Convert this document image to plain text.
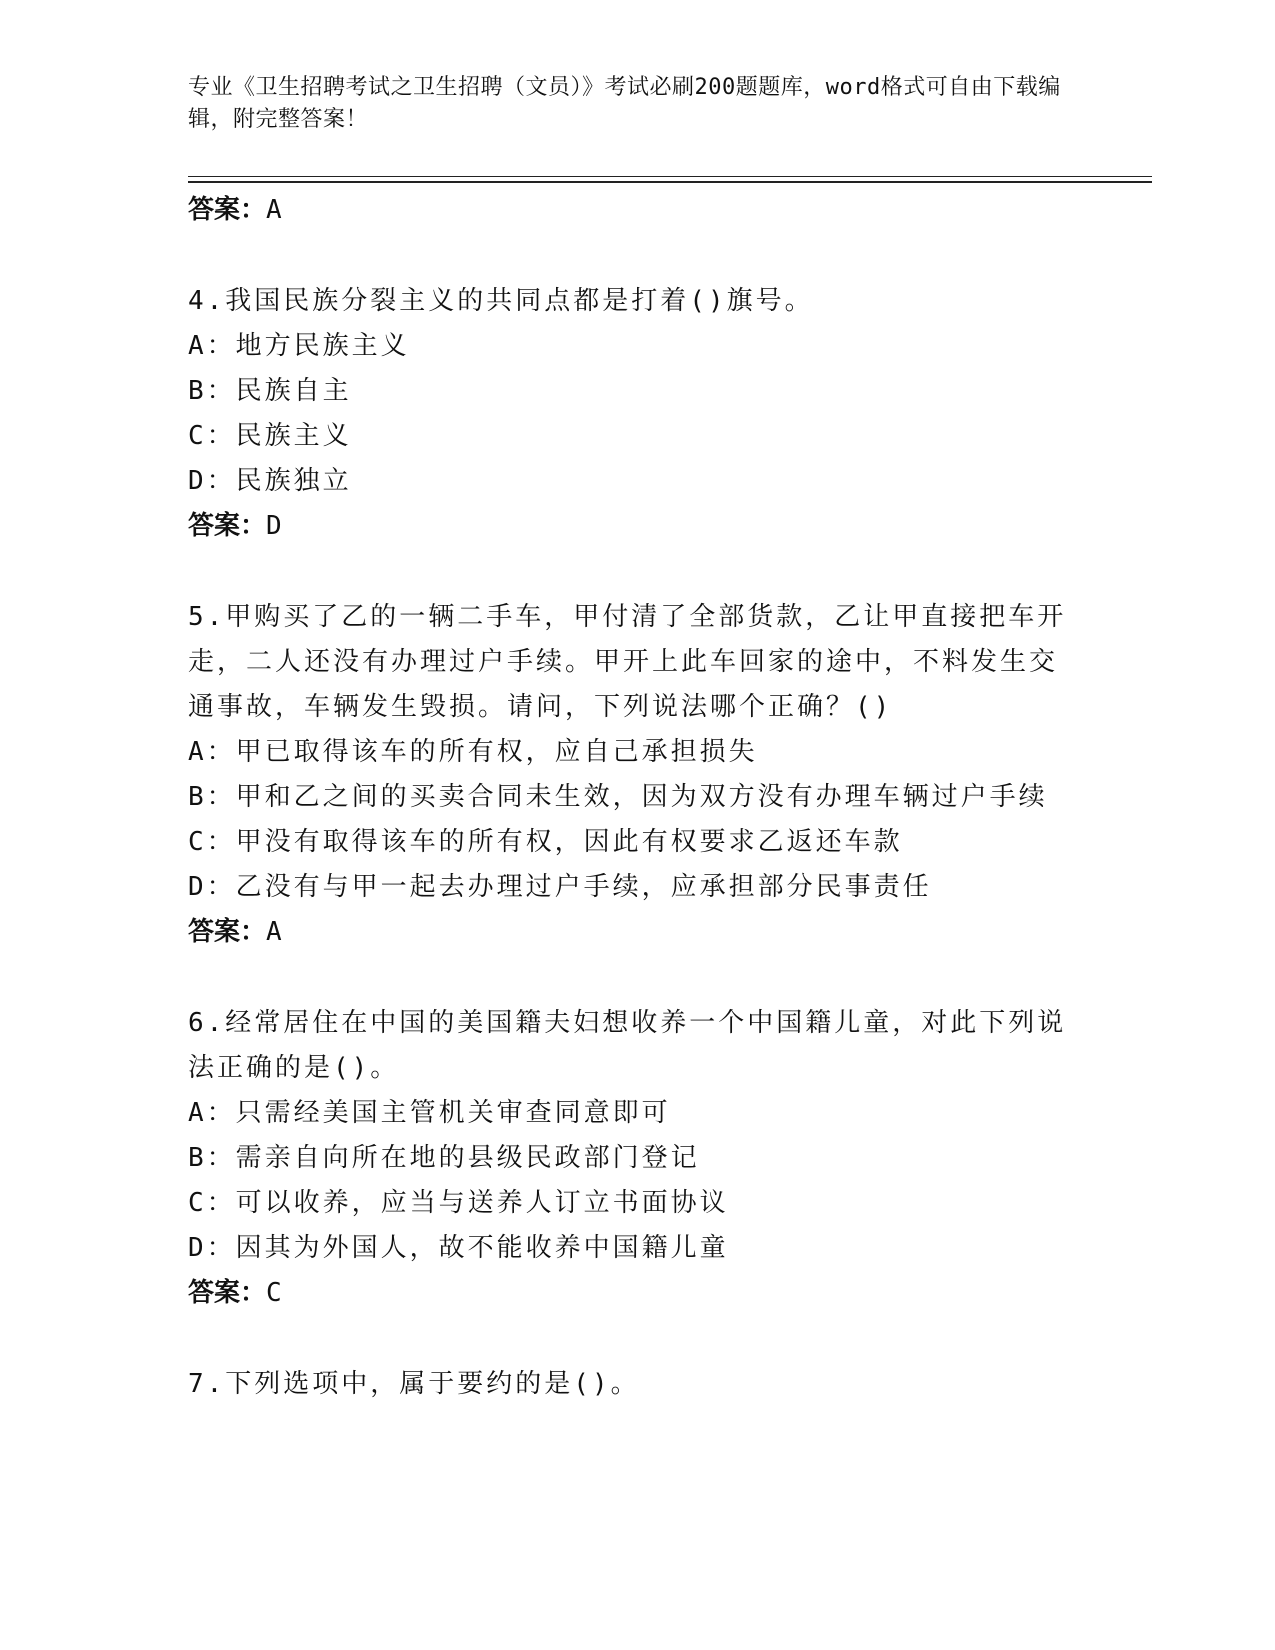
专业《卫生招聘考试之卫生招聘（文员）》考试必刷200题题库，word格式可自由下载编辑，附完整答案！
答案：A
4.我国民族分裂主义的共同点都是打着()旗号。
A：地方民族主义
B：民族自主
C：民族主义
D：民族独立
答案：D
5.甲购买了乙的一辆二手车，甲付清了全部货款，乙让甲直接把车开走，二人还没有办理过户手续。甲开上此车回家的途中，不料发生交通事故，车辆发生毁损。请问，下列说法哪个正确？()
A：甲已取得该车的所有权，应自己承担损失
B：甲和乙之间的买卖合同未生效，因为双方没有办理车辆过户手续
C：甲没有取得该车的所有权，因此有权要求乙返还车款
D：乙没有与甲一起去办理过户手续，应承担部分民事责任
答案：A
6.经常居住在中国的美国籍夫妇想收养一个中国籍儿童，对此下列说法正确的是()。
A：只需经美国主管机关审查同意即可
B：需亲自向所在地的县级民政部门登记
C：可以收养，应当与送养人订立书面协议
D：因其为外国人，故不能收养中国籍儿童
答案：C
7.下列选项中，属于要约的是()。
